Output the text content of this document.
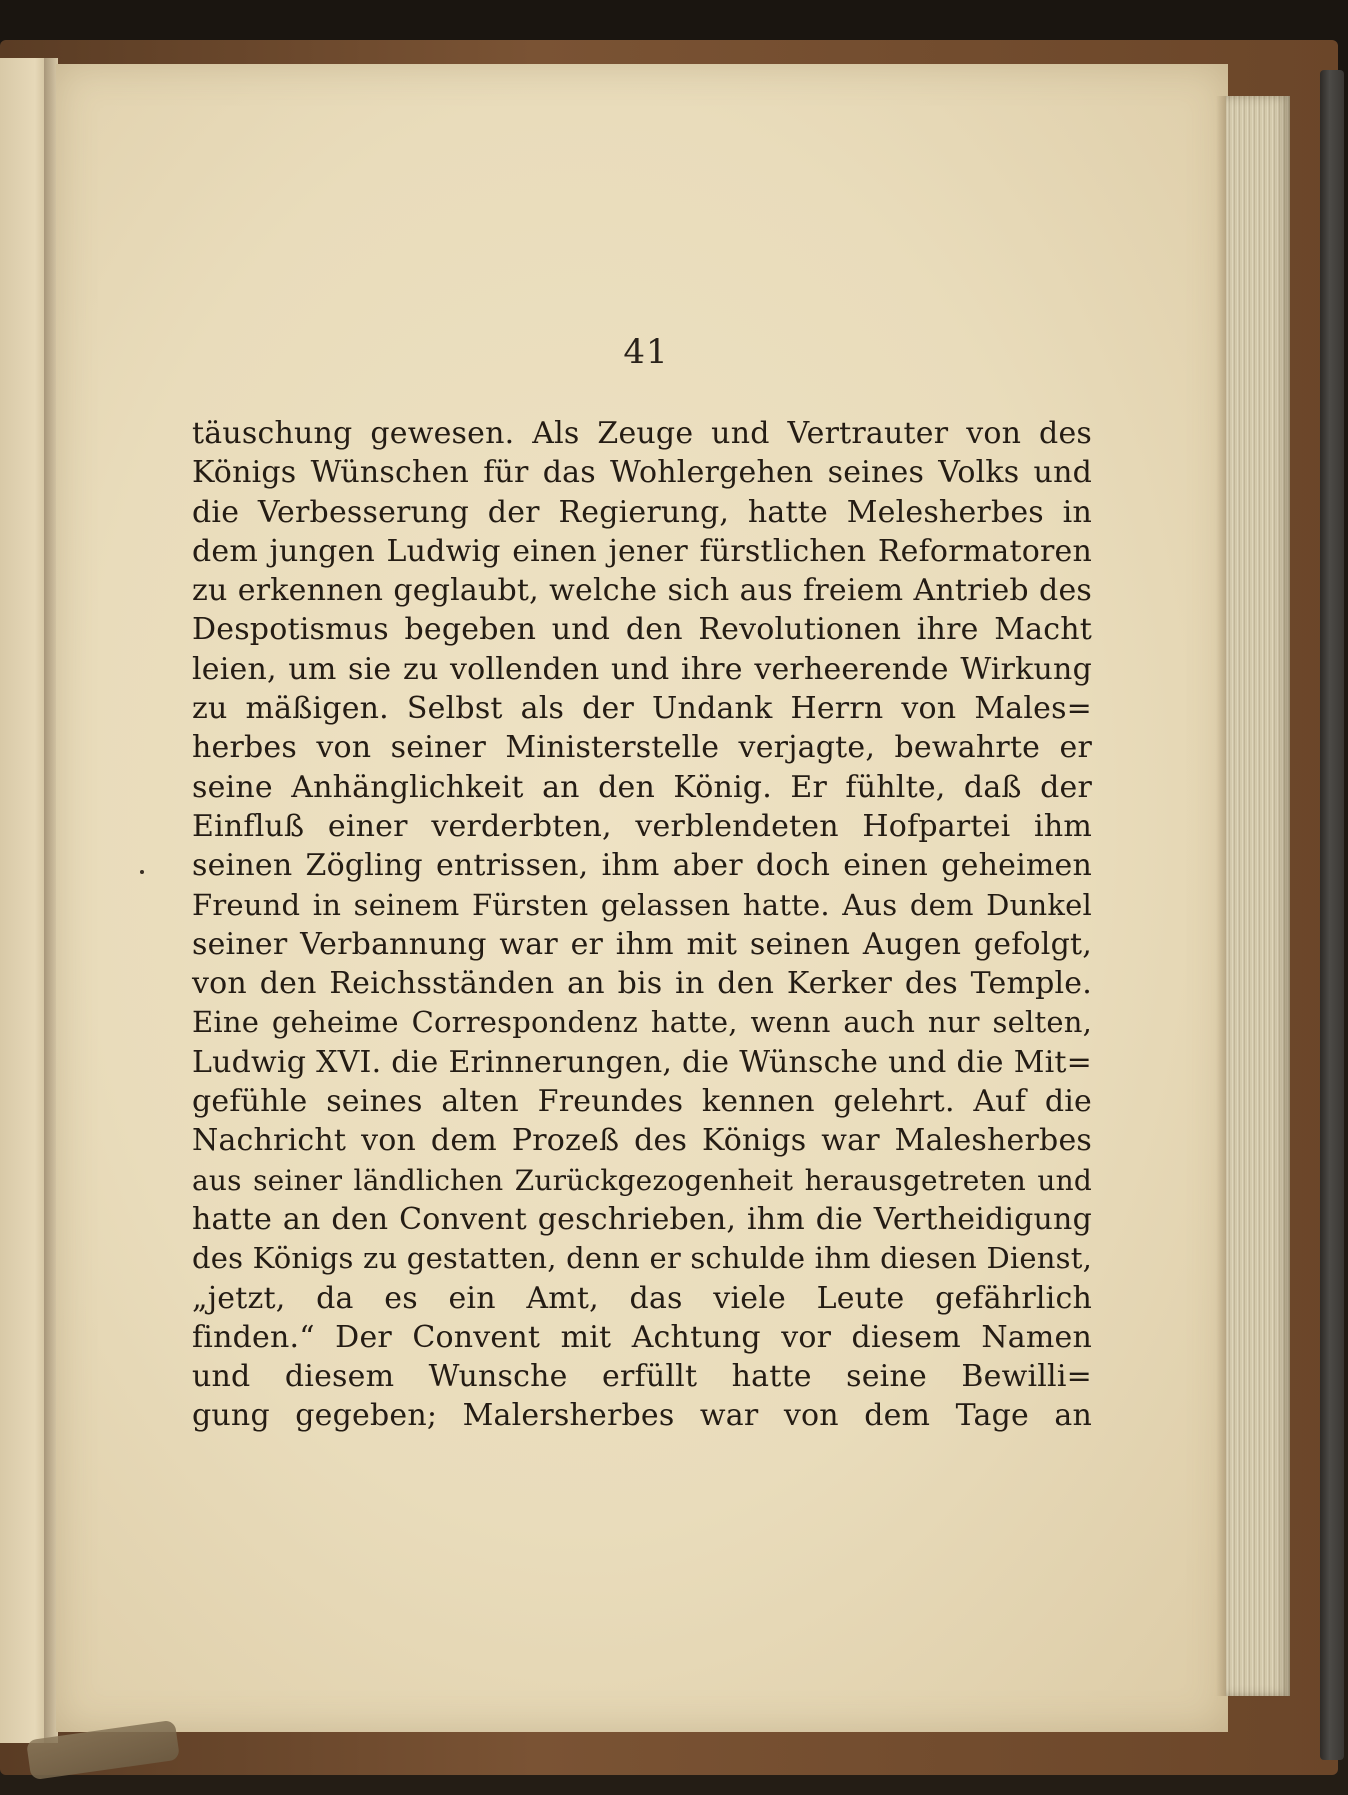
41
täuschung gewesen. Als Zeuge und Vertrauter von des
Königs Wünschen für das Wohlergehen seines Volks und
die Verbesserung der Regierung, hatte Melesherbes in
dem jungen Ludwig einen jener fürstlichen Reformatoren
zu erkennen geglaubt, welche sich aus freiem Antrieb des
Despotismus begeben und den Revolutionen ihre Macht
leien, um sie zu vollenden und ihre verheerende Wirkung
zu mäßigen. Selbst als der Undank Herrn von Males=
herbes von seiner Ministerstelle verjagte, bewahrte er
seine Anhänglichkeit an den König. Er fühlte, daß der
Einfluß einer verderbten, verblendeten Hofpartei ihm
seinen Zögling entrissen, ihm aber doch einen geheimen
Freund in seinem Fürsten gelassen hatte. Aus dem Dunkel
seiner Verbannung war er ihm mit seinen Augen gefolgt,
von den Reichsständen an bis in den Kerker des Temple.
Eine geheime Correspondenz hatte, wenn auch nur selten,
Ludwig XVI. die Erinnerungen, die Wünsche und die Mit=
gefühle seines alten Freundes kennen gelehrt. Auf die
Nachricht von dem Prozeß des Königs war Malesherbes
aus seiner ländlichen Zurückgezogenheit herausgetreten und
hatte an den Convent geschrieben, ihm die Vertheidigung
des Königs zu gestatten, denn er schulde ihm diesen Dienst,
„jetzt, da es ein Amt, das viele Leute gefährlich
finden.“ Der Convent mit Achtung vor diesem Namen
und diesem Wunsche erfüllt hatte seine Bewilli=
gung gegeben; Malersherbes war von dem Tage an
